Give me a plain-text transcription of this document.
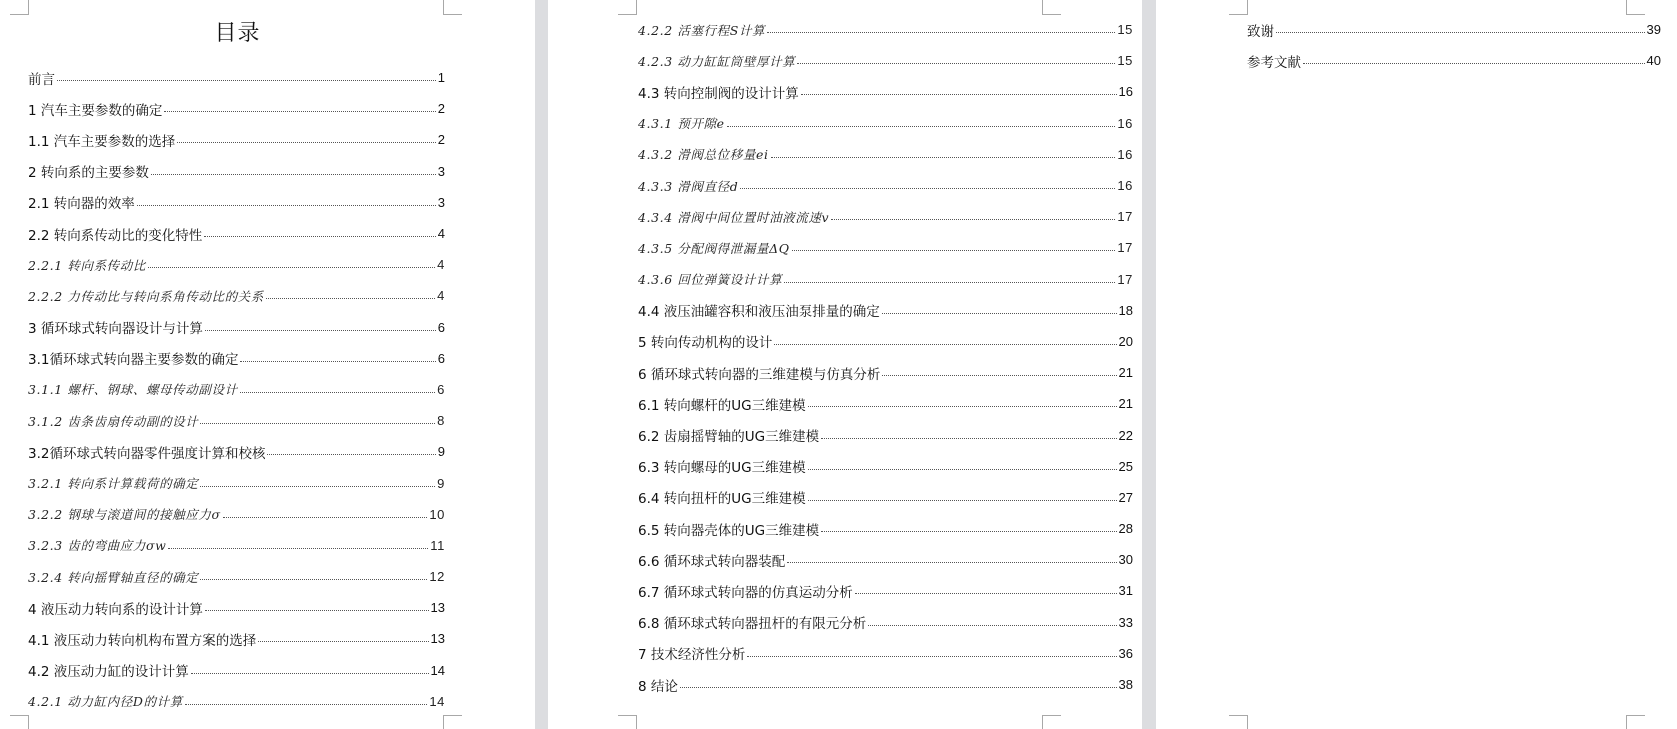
目录
前言	1
1 汽车主要参数的确定	2
1.1 汽车主要参数的选择	2
2 转向系的主要参数	3
2.1 转向器的效率	3
2.2 转向系传动比的变化特性	4
2.2.1 转向系传动比	4
2.2.2 力传动比与转向系角传动比的关系	4
3 循环球式转向器设计与计算	6
3.1循环球式转向器主要参数的确定	6
3.1.1 螺杆、钢球、螺母传动副设计	6
3.1.2 齿条齿扇传动副的设计	8
3.2循环球式转向器零件强度计算和校核	9
3.2.1 转向系计算载荷的确定	9
3.2.2 钢球与滚道间的接触应力σ	10
3.2.3 齿的弯曲应力σw	11
3.2.4 转向摇臂轴直径的确定	12
4 液压动力转向系的设计计算	13
4.1 液压动力转向机构布置方案的选择	13
4.2 液压动力缸的设计计算	14
4.2.1 动力缸内径D的计算	14
4.2.2 活塞行程S计算	15
4.2.3 动力缸缸筒壁厚计算	15
4.3 转向控制阀的设计计算	16
4.3.1 预开隙e	16
4.3.2 滑阀总位移量ei	16
4.3.3 滑阀直径d	16
4.3.4 滑阀中间位置时油液流速v	17
4.3.5 分配阀得泄漏量ΔQ	17
4.3.6 回位弹簧设计计算	17
4.4 液压油罐容积和液压油泵排量的确定	18
5 转向传动机构的设计	20
6 循环球式转向器的三维建模与仿真分析	21
6.1 转向螺杆的UG三维建模	21
6.2 齿扇摇臂轴的UG三维建模	22
6.3 转向螺母的UG三维建模	25
6.4 转向扭杆的UG三维建模	27
6.5 转向器壳体的UG三维建模	28
6.6 循环球式转向器装配	30
6.7 循环球式转向器的仿真运动分析	31
6.8 循环球式转向器扭杆的有限元分析	33
7 技术经济性分析	36
8 结论	38
致谢	39
参考文献	40
